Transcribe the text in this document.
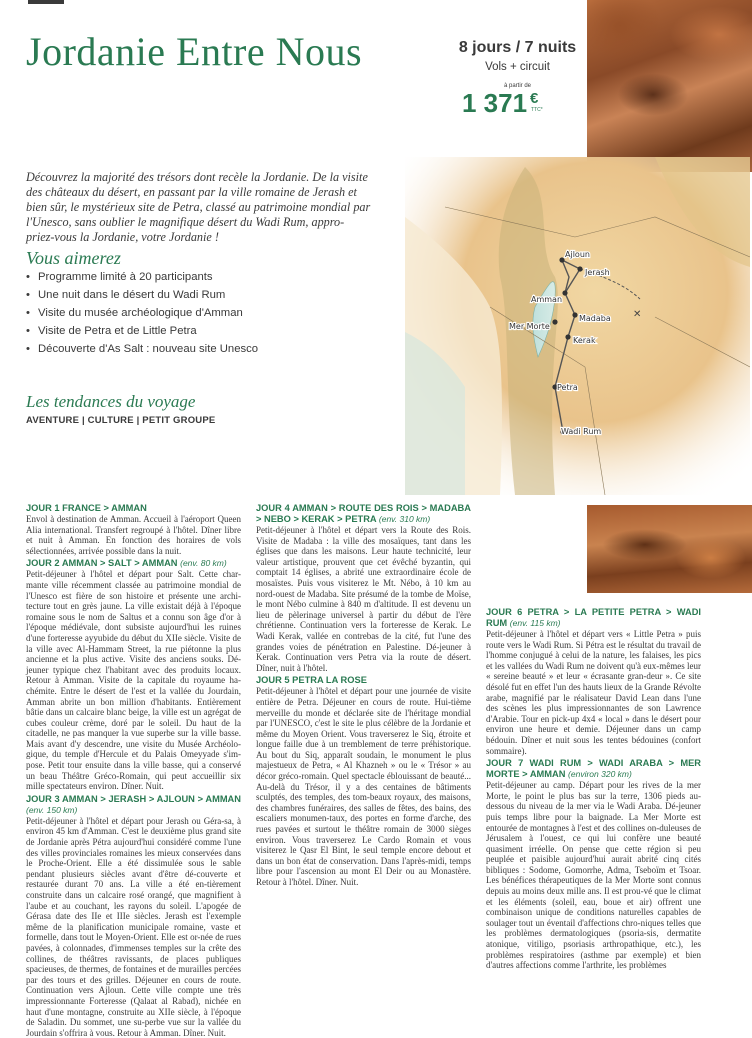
Jordanie Entre Nous	8 jours / 7 nuits
Vols + circuit
à partir de
1 371 €
TTC*

Découvrez la majorité des trésors dont recèle la Jordanie. De la visite des châteaux du désert, en passant par la ville romaine de Jerash et bien sûr, le mystérieux site de Petra, classé au patrimoine mondial par l'Unesco, sans oublier le magnifique désert du Wadi Rum, appro-priez-vous la Jordanie, votre Jordanie !

Vous aimerez
• Programme limité à 20 participants
• Une nuit dans le désert du Wadi Rum
• Visite du musée archéologique d'Amman
• Visite de Petra et de Little Petra
• Découverte d'As Salt : nouveau site Unesco
Les tendances du voyage
AVENTURE | CULTURE | PETIT GROUPE
✕
Ajloun
Jerash
Amman
Madaba
Mer Morte
Kerak
Petra
Wadi Rum

JOUR 1 FRANCE > AMMAN

Envol à destination de Amman. Accueil à l'aéroport Queen Alia international. Transfert regroupé à l'hôtel. Dîner libre et nuit à Amman. En fonction des horaires de vols sélectionnées, arrivée possible dans la nuit.

JOUR 2 AMMAN > SALT > AMMAN (env. 80 km)

Petit-déjeuner à l'hôtel et départ pour Salt. Cette char-mante ville récemment classée au patrimoine mondial de l'Unesco est fière de son histoire et présente une archi-tecture tout en grès jaune. La ville existait déjà à l'époque romaine sous le nom de Saltus et a connu son âge d'or à l'époque médiévale, dont subsiste aujourd'hui les ruines d'une forteresse ayyubide du début du XIIe siècle. Visite de la ville avec Al-Hammam Street, la rue piétonne la plus ancienne et la plus active. Visite des anciens souks. Dé-jeuner typique chez l'habitant avec des produits locaux. Retour à Amman. Visite de la capitale du royaume ha-chémite. Entre le désert de l'est et la vallée du Jourdain, Amman abrite un bon million d'habitants. Entièrement bâtie dans un calcaire blanc beige, la ville est un agrégat de cubes couleur crème, doré par le soleil. Du haut de la citadelle, ne pas manquer la vue superbe sur la ville basse. Mais avant d'y descendre, une visite du Musée Archéolo-gique, du temple d'Hercule et du Palais Omeyyade s'im-pose. Petit tour ensuite dans la ville basse, qui a conservé un beau Théâtre Gréco-Romain, qui peut accueillir six mille spectateurs environ. Dîner. Nuit.

JOUR 3 AMMAN > JERASH > AJLOUN > AMMAN (env. 150 km)

Petit-déjeuner à l'hôtel et départ pour Jerash ou Géra-sa, à environ 45 km d'Amman. C'est le deuxième plus grand site de Jordanie après Pétra aujourd'hui considéré comme l'une des villes provinciales romaines les mieux conservées dans le Proche-Orient. Elle a été dissimulée sous le sable pendant plusieurs siècles avant d'être dé-couverte et restaurée durant 70 ans. La ville a été en-tièrement construite dans un calcaire rosé orangé, que magnifient à l'aube et au couchant, les rayons du soleil. L'apogée de Gérasa date des IIe et IIIe siècles. Jerash est l'exemple même de la planification municipale romaine, vaste et formelle, dans tout le Moyen-Orient. Elle est or-née de rues pavées, à colonnades, d'immenses temples sur la crête des collines, de théâtres ravissants, de places publiques spacieuses, de thermes, de fontaines et de murailles percées par des tours et des grilles. Déjeuner en cours de route. Continuation vers Ajloun. Cette ville compte une très impressionnante Forteresse (Qalaat al Rabad), nichée en haut d'une montagne, construite au XIIe siècle, à l'époque de Saladin. Du sommet, une su-perbe vue sur la vallée du Jourdain s'offrira à vous. Retour à Amman. Dîner. Nuit.

JOUR 4 AMMAN > ROUTE DES ROIS > MADABA > NEBO > KERAK > PETRA (env. 310 km)

Petit-déjeuner à l'hôtel et départ vers la Route des Rois. Visite de Madaba : la ville des mosaïques, tant dans les églises que dans les maisons. Leur haute technicité, leur valeur artistique, prouvent que cet évêché byzantin, qui comptait 14 églises, a abrité une extraordinaire école de mosaïstes. Puis vous visiterez le Mt. Nébo, à 10 km au nord-ouest de Madaba. Site présumé de la tombe de Moïse, le mont Nébo culmine à 840 m d'altitude. Il est devenu un lieu de pèlerinage universel à partir du début de l'ère chrétienne. Continuation vers la forteresse de Kerak. Le Wadi Kerak, vallée en contrebas de la cité, fut l'une des grandes voies de pénétration en Palestine. Dé-jeuner à Kerak. Continuation vers Petra via la route de désert. Dîner, nuit à l'hôtel.

JOUR 5 PETRA LA ROSE

Petit-déjeuner à l'hôtel et départ pour une journée de visite entière de Petra. Déjeuner en cours de route. Hui-tième merveille du monde et déclarée site de l'héritage mondial par l'UNESCO, c'est le site le plus célèbre de la Jordanie et même du Moyen Orient. Vous traverserez le Siq, étroite et longue faille due à un tremblement de terre préhistorique. Au bout du Siq, apparaît soudain, le monument le plus majestueux de Petra, « Al Khazneh » ou le « Trésor » au décor gréco-romain. Quel spectacle éblouissant de beauté... Au-delà du Trésor, il y a des centaines de bâtiments sculptés, des temples, des tom-beaux royaux, des maisons, des chambres funéraires, des salles de fêtes, des bains, des escaliers monumen-taux, des portes en forme d'arche, des rues pavées et surtout le théâtre romain de 3000 sièges environ. Vous traverserez Le Cardo Romain et vous visiterez le Qasr El Bint, le seul temple encore debout et dans un bon état de conservation. Dans l'après-midi, temps libre pour l'ascension au mont El Deir ou au Monastère. Retour à l'hôtel. Dîner. Nuit.

JOUR 6 PETRA > LA PETITE PETRA > WADI RUM (env. 115 km)

Petit-déjeuner à l'hôtel et départ vers « Little Petra » puis route vers le Wadi Rum. Si Pétra est le résultat du travail de l'homme conjugué à celui de la nature, les falaises, les pics et les vallées du Wadi Rum ne doivent qu'à eux-mêmes leur « sereine beauté » et leur « écrasante gran-deur ». Ce site désolé fut en effet l'un des hauts lieux de la Grande Révolte arabe, magnifié par le réalisateur David Lean dans l'une des scènes les plus impressionnantes de son Lawrence d'Arabie. Tour en pick-up 4x4 « local » dans le désert pour environ une heure et demie. Déjeuner dans un camp bédouin. Dîner et nuit sous les tentes bédouines (confort sommaire).

JOUR 7 WADI RUM > WADI ARABA > MER MORTE > AMMAN (environ 320 km)

Petit-déjeuner au camp. Départ pour les rives de la mer Morte, le point le plus bas sur la terre, 1306 pieds au-dessous du niveau de la mer via le Wadi Araba. Dé-jeuner puis temps libre pour la baignade. La Mer Morte est entourée de montagnes à l'est et des collines on-duleuses de Jérusalem à l'ouest, ce qui lui confère une beauté quasiment irréelle. On pense que cette région si peu peuplée et paisible aujourd'hui aurait abrité cinq cités bibliques : Sodome, Gomorrhe, Adma, Tseboïm et Tsoar. Les bénéfices thérapeutiques de la Mer Morte sont connus depuis au moins deux mille ans. Il est prou-vé que le climat et les éléments (soleil, eau, boue et air) offrent une combinaison unique de conditions naturelles capables de soulager tout un éventail d'affections chro-niques telles que les problèmes dermatologiques (psoria-sis, dermatite atonique, vitiligo, psoriasis arthropathique, etc.), les problèmes respiratoires (asthme par exemple) et bien d'autres affections comme l'arthrite, les problèmes
